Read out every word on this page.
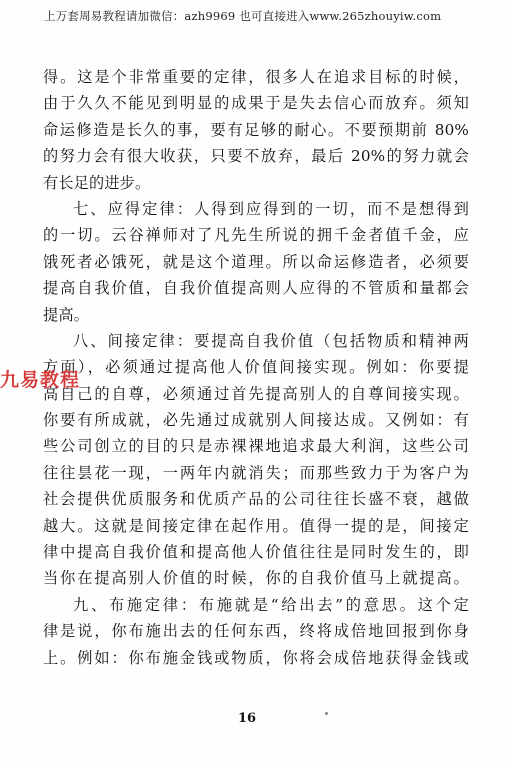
上万套周易教程请加微信：azh9969 也可直接进入www.265zhouyiw.com
得。这是个非常重要的定律，很多人在追求目标的时候，
由于久久不能见到明显的成果于是失去信心而放弃。须知
命运修造是长久的事，要有足够的耐心。不要预期前 80%
的努力会有很大收获，只要不放弃，最后 20%的努力就会
有长足的进步。
七、应得定律：人得到应得到的一切，而不是想得到
的一切。云谷禅师对了凡先生所说的拥千金者值千金，应
饿死者必饿死，就是这个道理。所以命运修造者，必须要
提高自我价值，自我价值提高则人应得的不管质和量都会
提高。
八、间接定律：要提高自我价值（包括物质和精神两
方面），必须通过提高他人价值间接实现。例如：你要提
高自己的自尊，必须通过首先提高别人的自尊间接实现。
你要有所成就，必先通过成就别人间接达成。又例如：有
些公司创立的目的只是赤裸裸地追求最大利润，这些公司
往往昙花一现，一两年内就消失；而那些致力于为客户为
社会提供优质服务和优质产品的公司往往长盛不衰，越做
越大。这就是间接定律在起作用。值得一提的是，间接定
律中提高自我价值和提高他人价值往往是同时发生的，即
当你在提高别人价值的时候，你的自我价值马上就提高。
九、布施定律：布施就是“给出去”的意思。这个定
律是说，你布施出去的任何东西，终将成倍地回报到你身
上。例如：你布施金钱或物质，你将会成倍地获得金钱或
九易教程
16
